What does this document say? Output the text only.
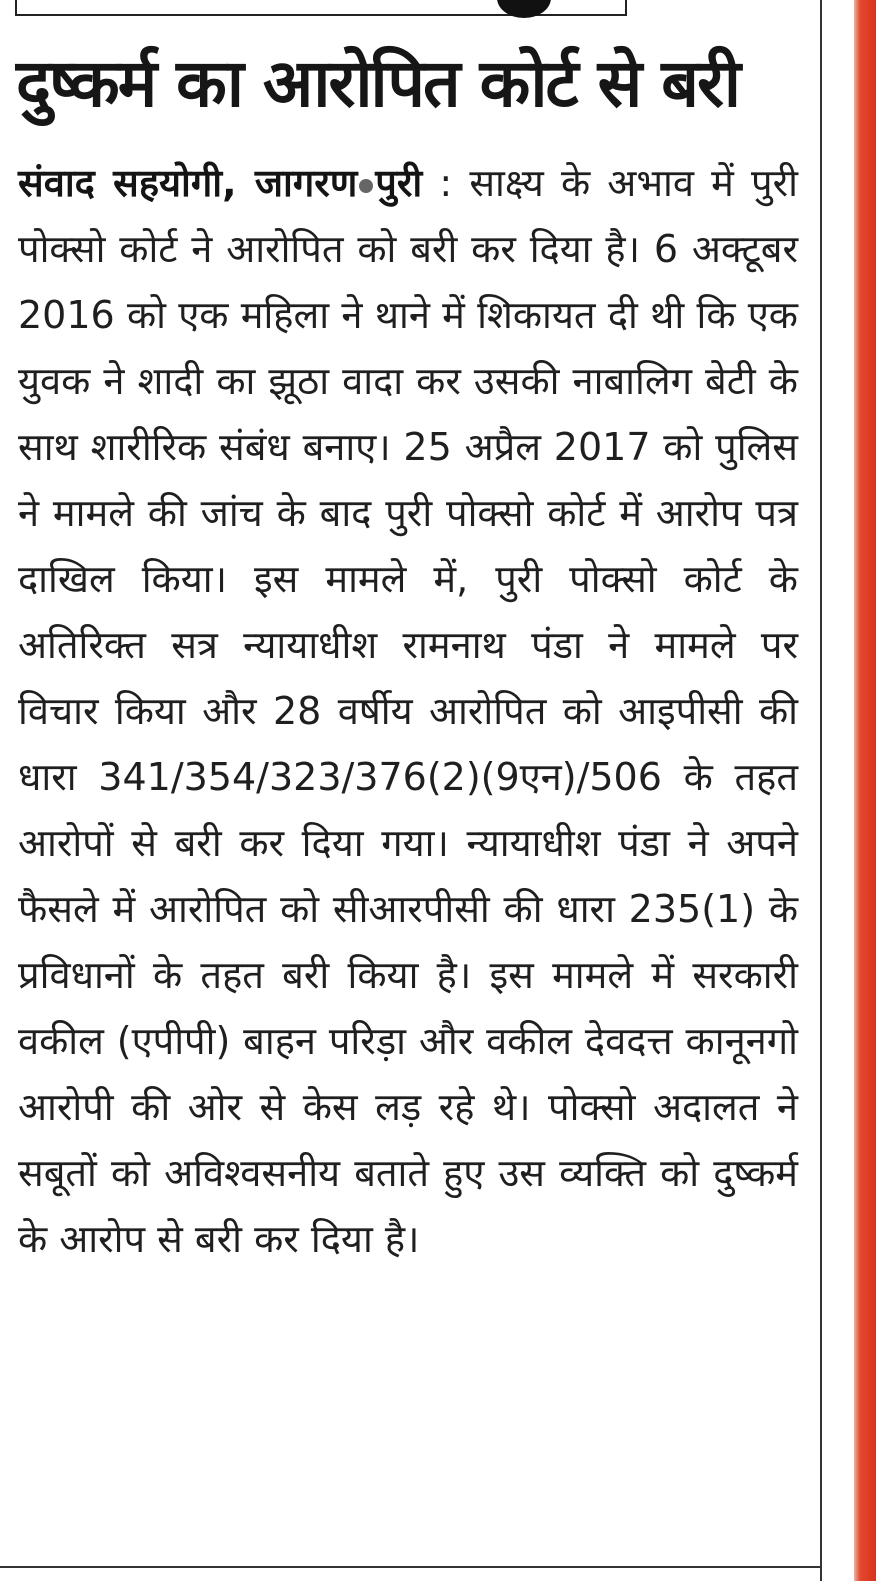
दुष्कर्म का आरोपित कोर्ट से बरी

संवाद सहयोगी, जागरण पुरी : साक्ष्य के अभाव में पुरी पोक्सो कोर्ट ने आरोपित को बरी कर दिया है। 6 अक्टूबर 2016 को एक महिला ने थाने में शिकायत दी थी कि एक युवक ने शादी का झूठा वादा कर उसकी नाबालिग बेटी के साथ शारीरिक संबंध बनाए। 25 अप्रैल 2017 को पुलिस ने मामले की जांच के बाद पुरी पोक्सो कोर्ट में आरोप पत्र दाखिल किया। इस मामले में, पुरी पोक्सो कोर्ट के अतिरिक्त सत्र न्यायाधीश रामनाथ पंडा ने मामले पर विचार किया और 28 वर्षीय आरोपित को आइपीसी की धारा 341/354/323/376(2)(9एन)/506 के तहत आरोपों से बरी कर दिया गया। न्यायाधीश पंडा ने अपने फैसले में आरोपित को सीआरपीसी की धारा 235(1) के प्रविधानों के तहत बरी किया है। इस मामले में सरकारी वकील (एपीपी) बाहन परिड़ा और वकील देवदत्त कानूनगो आरोपी की ओर से केस लड़ रहे थे। पोक्सो अदालत ने सबूतों को अविश्वसनीय बताते हुए उस व्यक्ति को दुष्कर्म के आरोप से बरी कर दिया है।
